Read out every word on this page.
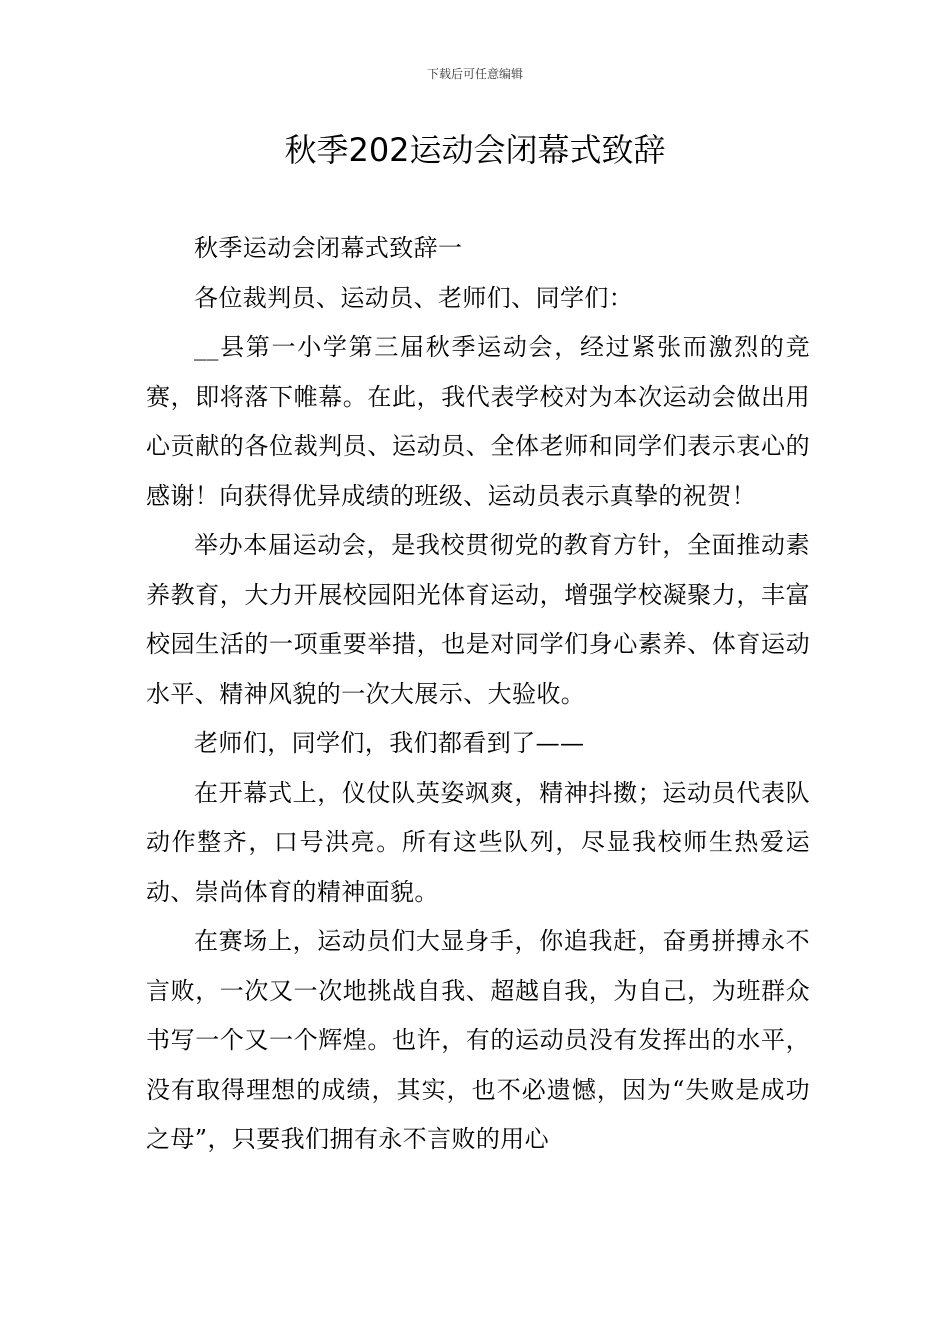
下载后可任意编辑
秋季202运动会闭幕式致辞

秋季运动会闭幕式致辞一

各位裁判员、运动员、老师们、同学们：

__县第一小学第三届秋季运动会，经过紧张而激烈的竞赛，即将落下帷幕。在此，我代表学校对为本次运动会做出用心贡献的各位裁判员、运动员、全体老师和同学们表示衷心的感谢！向获得优异成绩的班级、运动员表示真挚的祝贺！

举办本届运动会，是我校贯彻党的教育方针，全面推动素养教育，大力开展校园阳光体育运动，增强学校凝聚力，丰富校园生活的一项重要举措，也是对同学们身心素养、体育运动水平、精神风貌的一次大展示、大验收。

老师们，同学们，我们都看到了——

在开幕式上，仪仗队英姿飒爽，精神抖擞；运动员代表队动作整齐，口号洪亮。所有这些队列，尽显我校师生热爱运动、崇尚体育的精神面貌。

在赛场上，运动员们大显身手，你追我赶，奋勇拼搏永不言败，一次又一次地挑战自我、超越自我，为自己，为班群众书写一个又一个辉煌。也许，有的运动员没有发挥出的水平，没有取得理想的成绩，其实，也不必遗憾，因为“失败是成功之母”，只要我们拥有永不言败的用心
